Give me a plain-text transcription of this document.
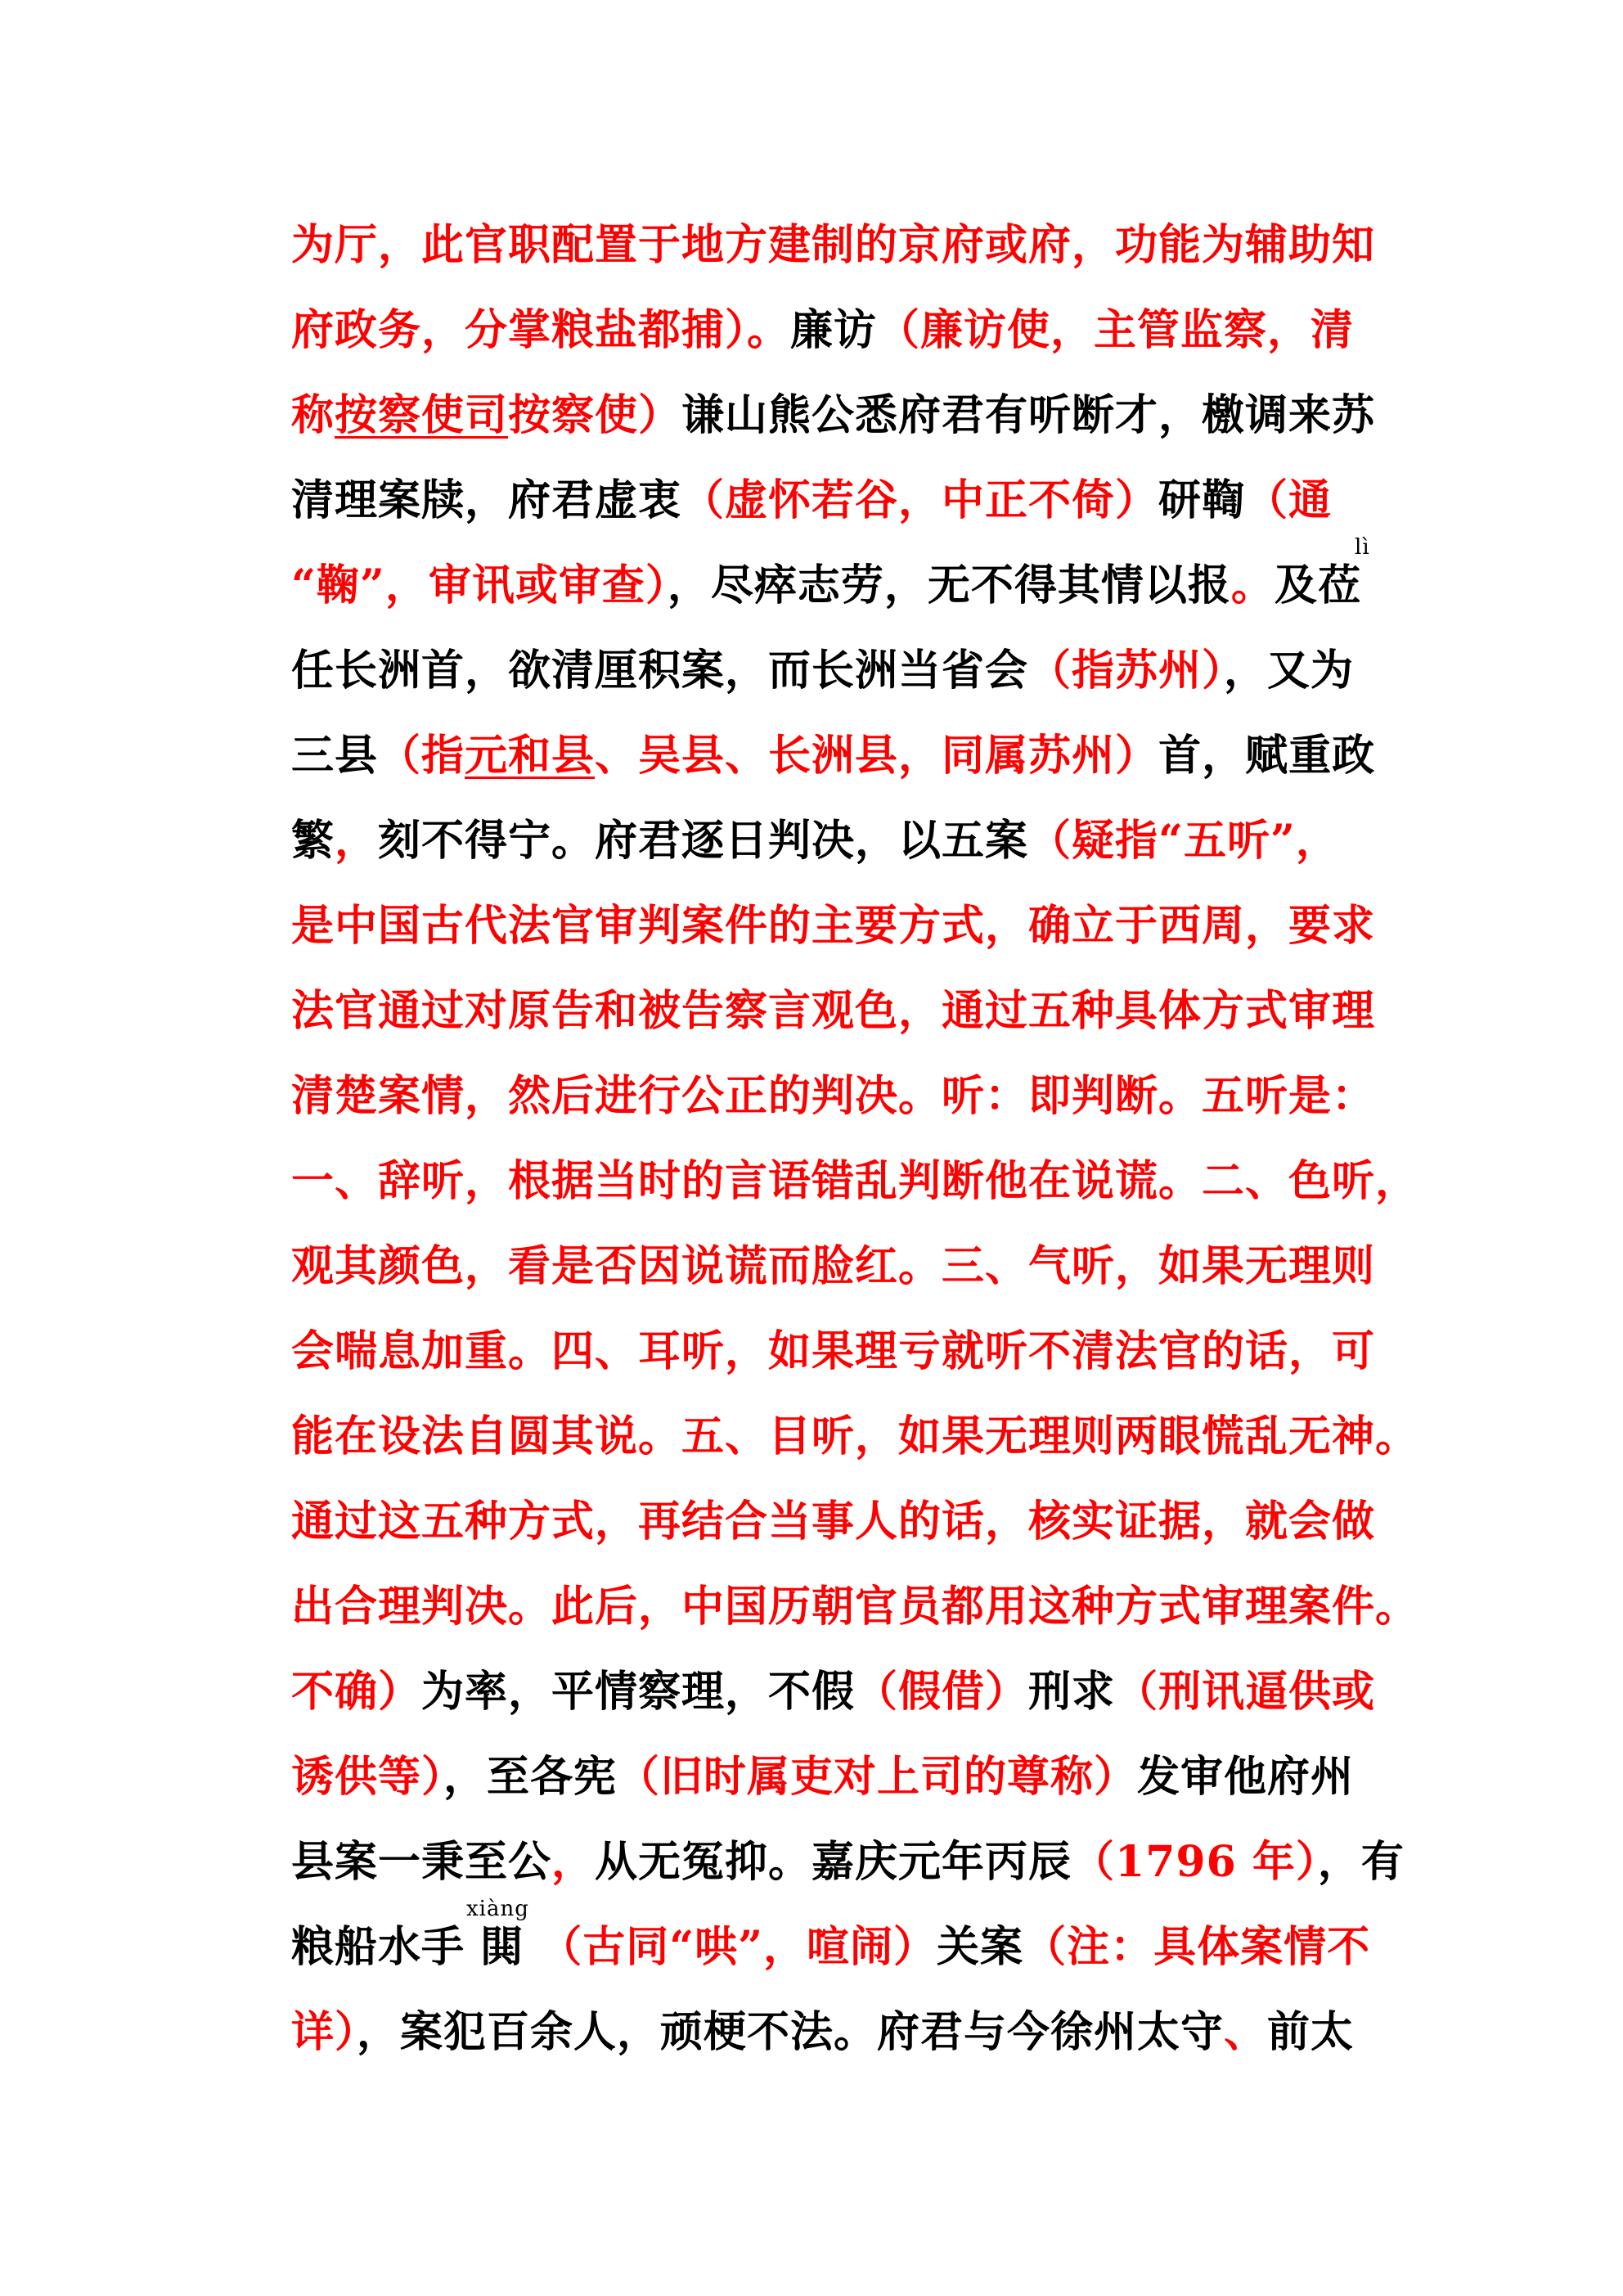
为厅，此官职配置于地方建制的京府或府，功能为辅助知
府政务，分掌粮盐都捕）。廉访（廉访使，主管监察，清
称按察使司按察使）谦山熊公悉府君有听断才，檄调来苏
清理案牍，府君虚衷（虚怀若谷，中正不倚）研鞫（通
“鞠”，审讯或审查），尽瘁志劳，无不得其情以报。及莅
lì
任长洲首，欲清厘积案，而长洲当省会（指苏州），又为
三县（指元和县、吴县、长洲县，同属苏州）首，赋重政
繁，刻不得宁。府君逐日判决，以五案（疑指“五听”，
是中国古代法官审判案件的主要方式，确立于西周，要求
法官通过对原告和被告察言观色，通过五种具体方式审理
清楚案情，然后进行公正的判决。听：即判断。五听是：
一、辞听，根据当时的言语错乱判断他在说谎。二、色听，
观其颜色，看是否因说谎而脸红。三、气听，如果无理则
会喘息加重。四、耳听，如果理亏就听不清法官的话，可
能在设法自圆其说。五、目听，如果无理则两眼慌乱无神。
通过这五种方式，再结合当事人的话，核实证据，就会做
出合理判决。此后，中国历朝官员都用这种方式审理案件。
不确）为率，平情察理，不假（假借）刑求（刑讯逼供或
诱供等），至各宪（旧时属吏对上司的尊称）发审他府州
县案一秉至公，从无冤抑。嘉庆元年丙辰（1796 年），有
粮船水手 閧 （古同“哄”，喧闹）关案（注：具体案情不
xiàng
详），案犯百余人，顽梗不法。府君与今徐州太守、前太
